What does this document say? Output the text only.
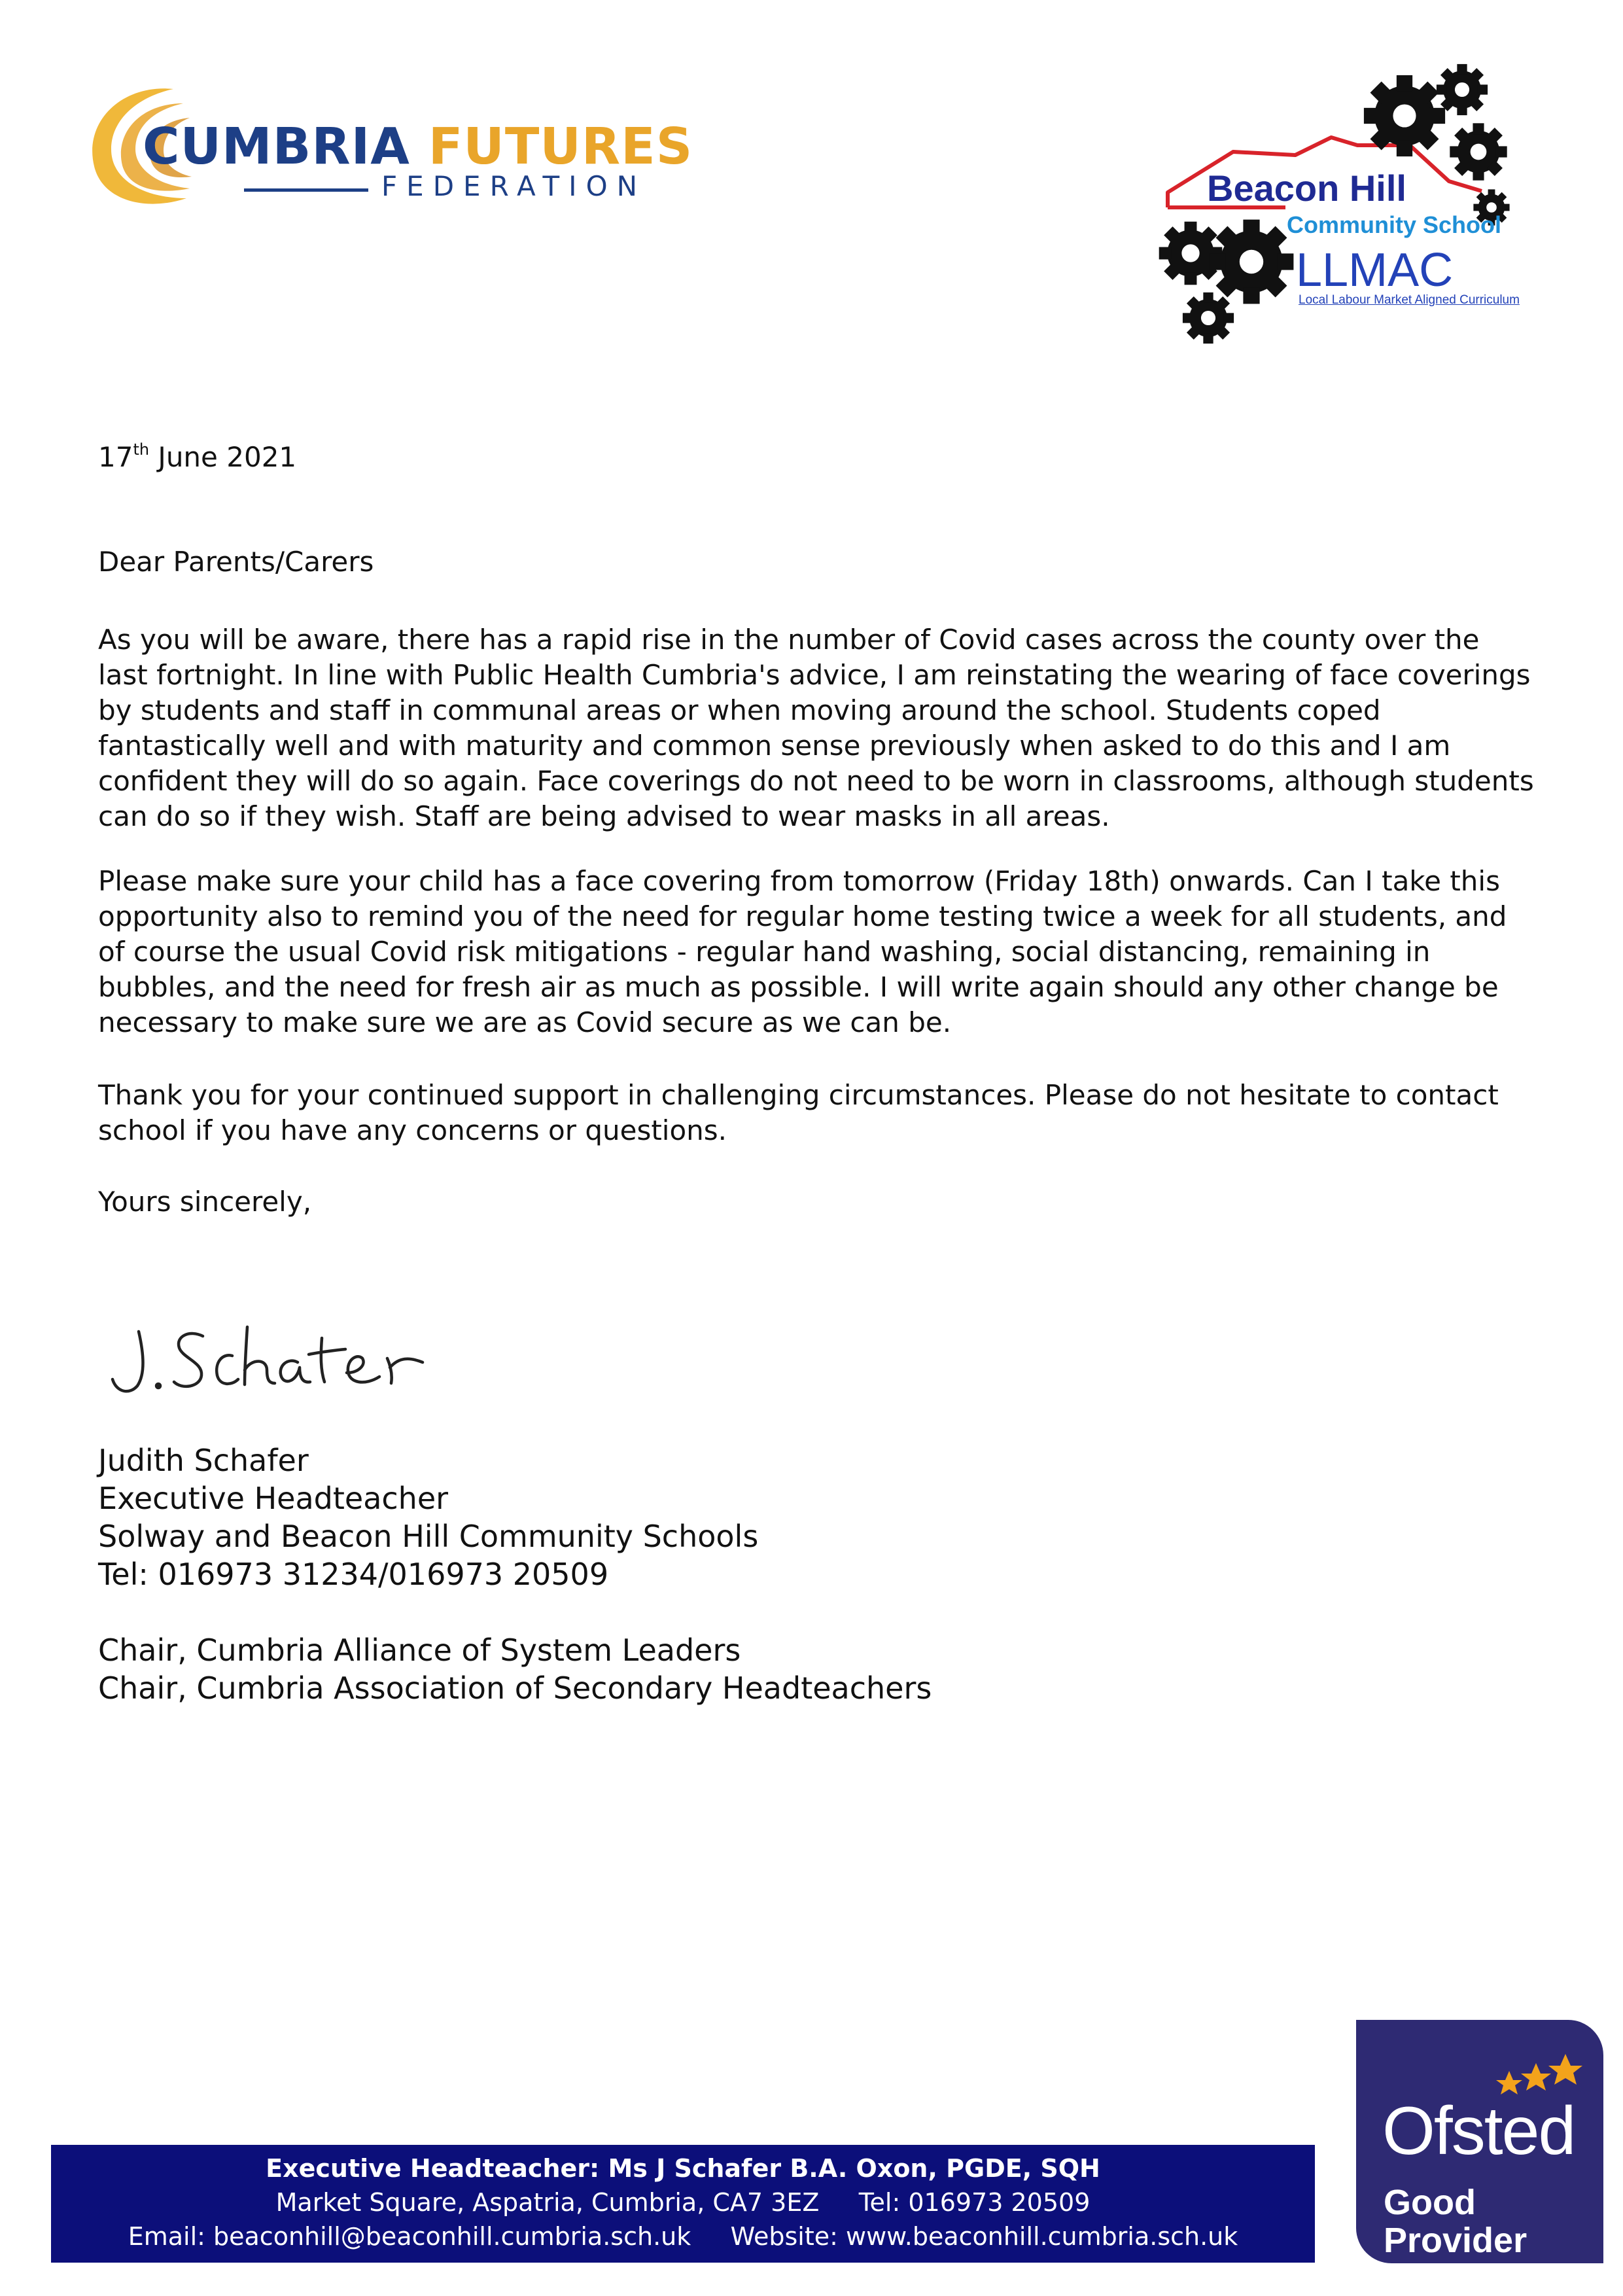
CUMBRIA FUTURES

FEDERATION	Beacon Hill

Community School

LLMAC

Local Labour Market Aligned Curriculum

17th June 2021

Dear Parents/Carers

As you will be aware, there has a rapid rise in the number of Covid cases across the county over the last fortnight. In line with Public Health Cumbria's advice, I am reinstating the wearing of face coverings by students and staff in communal areas or when moving around the school. Students coped fantastically well and with maturity and common sense previously when asked to do this and I am confident they will do so again. Face coverings do not need to be worn in classrooms, although students can do so if they wish. Staff are being advised to wear masks in all areas.

Please make sure your child has a face covering from tomorrow (Friday 18th) onwards. Can I take this opportunity also to remind you of the need for regular home testing twice a week for all students, and of course the usual Covid risk mitigations - regular hand washing, social distancing, remaining in bubbles, and the need for fresh air as much as possible. I will write again should any other change be necessary to make sure we are as Covid secure as we can be.

Thank you for your continued support in challenging circumstances. Please do not hesitate to contact school if you have any concerns or questions.

Yours sincerely,

Judith Schafer

Executive Headteacher

Solway and Beacon Hill Community Schools

Tel: 016973 31234/016973 20509

Chair, Cumbria Alliance of System Leaders

Chair, Cumbria Association of Secondary Headteachers

Executive Headteacher: Ms J Schafer B.A. Oxon, PGDE, SQH

Market Square, Aspatria, Cumbria, CA7 3EZ     Tel: 016973 20509

Email: beaconhill@beaconhill.cumbria.sch.uk     Website: www.beaconhill.cumbria.sch.uk

Ofsted

Good
Provider
